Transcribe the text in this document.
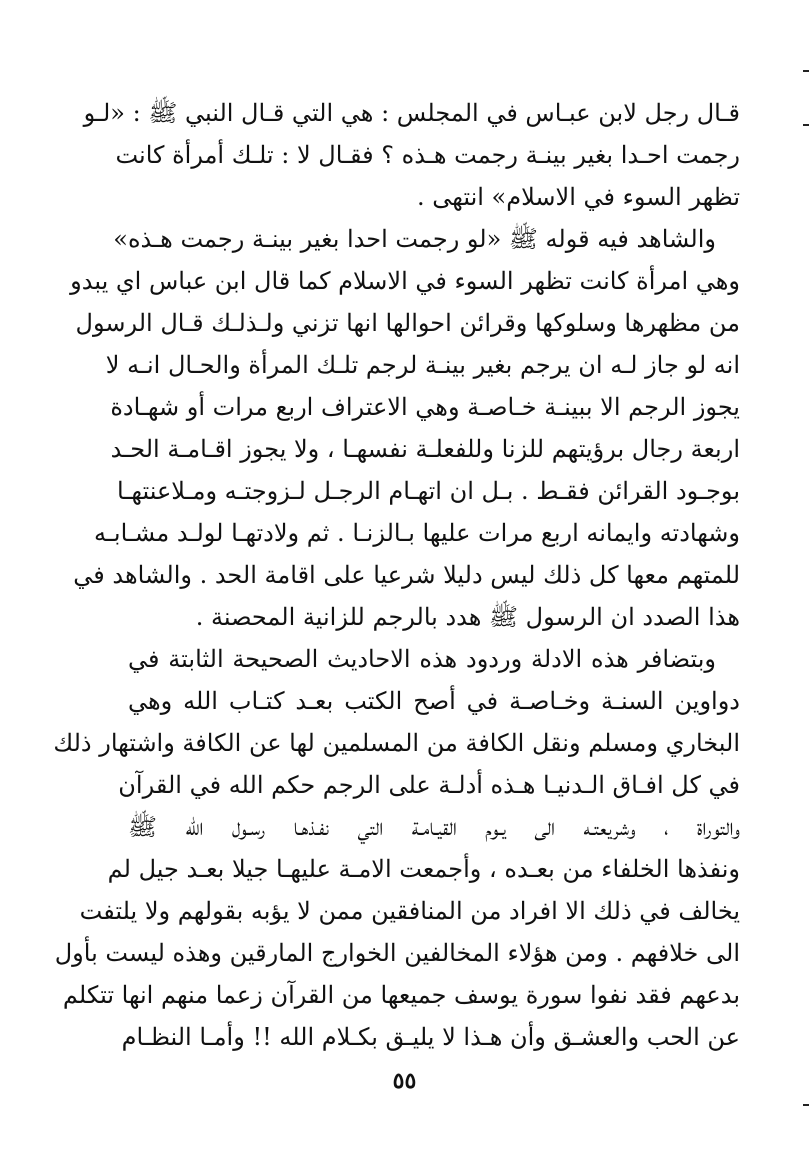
قـال رجل لابن عبـاس في المجلس : هي التي قـال النبي ﷺ : «لـو
رجمت احـدا بغير بينـة رجمت هـذه ؟ فقـال لا : تلـك أمرأة كانت
تظهر السوء في الاسلام» انتهى .
والشاهد فيه قوله ﷺ «لو رجمت احدا بغير بينـة رجمت هـذه»
وهي امرأة كانت تظهر السوء في الاسلام كما قال ابن عباس اي يبدو
من مظهرها وسلوكها وقرائن احوالها انها تزني ولـذلـك قـال الرسول
انه لو جاز لـه ان يرجم بغير بينـة لرجم تلـك المرأة والحـال انـه لا
يجوز الرجم الا ببينـة خـاصـة وهي الاعتراف اربع مرات أو شهـادة
اربعة رجال برؤيتهم للزنا وللفعلـة نفسهـا ، ولا يجوز اقـامـة الحـد
بوجـود القرائن فقـط . بـل ان اتهـام الرجـل لـزوجتـه ومـلاعنتهـا
وشهادته وايمانه اربع مرات عليها بـالزنـا . ثم ولادتهـا لولـد مشـابـه
للمتهم معها كل ذلك ليس دليلا شرعيا على اقامة الحد . والشاهد في
هذا الصدد ان الرسول ﷺ هدد بالرجم للزانية المحصنة .
وبتضافر هذه الادلة وردود هذه الاحاديث الصحيحة الثابتة في
دواوين السنـة وخـاصـة في أصح الكتب بعـد كتـاب الله وهي
البخاري ومسلم ونقل الكافة من المسلمين لها عن الكافة واشتهار ذلك
في كل افـاق الـدنيـا هـذه أدلـة على الرجم حكم الله في القرآن
والتوراة ، وشريعتـه الى يـوم القيـامـة التي نفـذهـا رسـول الله ﷺ
ونفذها الخلفاء من بعـده ، وأجمعت الامـة عليهـا جيلا بعـد جيل لم
يخالف في ذلك الا افراد من المنافقين ممن لا يؤبه بقولهم ولا يلتفت
الى خلافهم . ومن هؤلاء المخالفين الخوارج المارقين وهذه ليست بأول
بدعهم فقد نفوا سورة يوسف جميعها من القرآن زعما منهم انها تتكلم
عن الحب والعشـق وأن هـذا لا يليـق بكـلام الله !! وأمـا النظـام
٥٥
